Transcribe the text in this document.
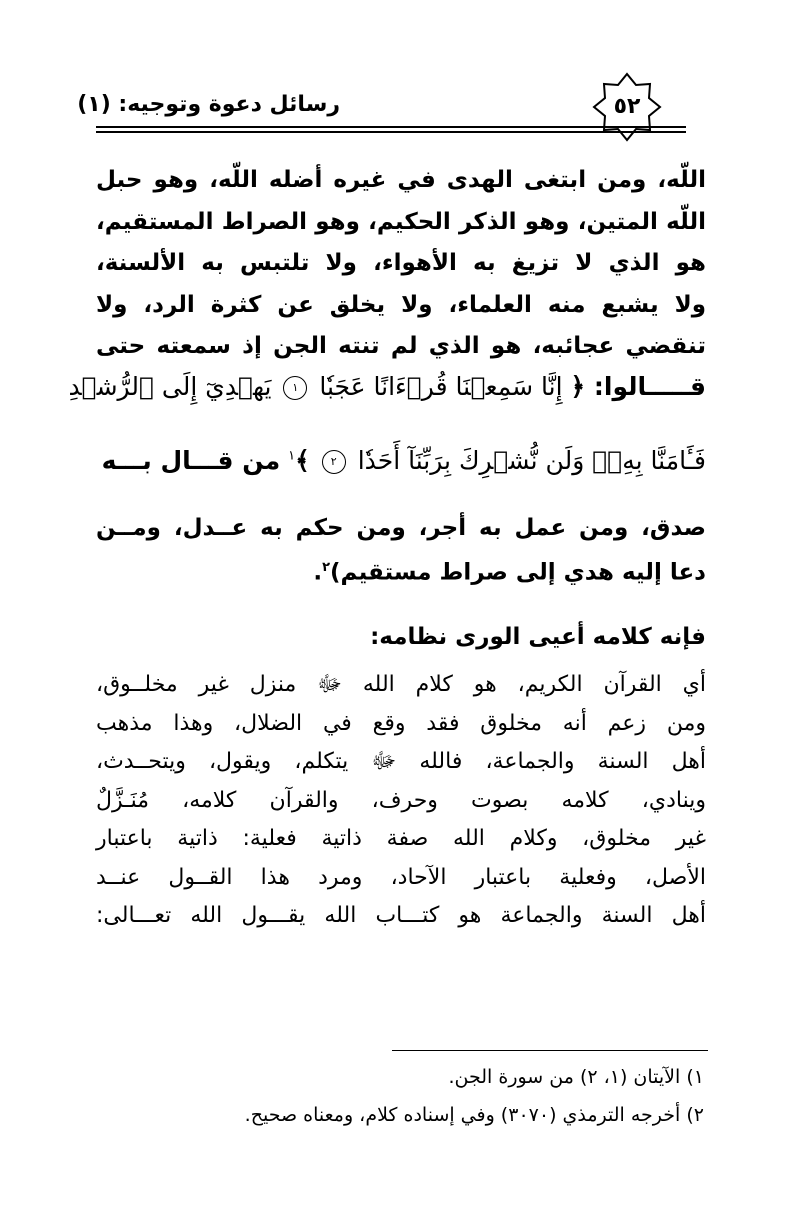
رسائل دعوة وتوجيه: (١)	٥٢
اللّه، ومن ابتغى الهدى في غيره أضله اللّه، وهو حبل
اللّه المتين، وهو الذكر الحكيم، وهو الصراط المستقيم،
هو الذي لا تزيغ به الأهواء، ولا تلتبس به الألسنة،
ولا يشبع منه العلماء، ولا يخلق عن كثرة الرد، ولا
تنقضي عجائبه، هو الذي لم تنته الجن إذ سمعته حتى
قـــــالوا: ﴿ إِنَّا سَمِعۡنَا قُرۡءَانًا عَجَبٗا ١ يَهۡدِيٓ إِلَى ٱلرُّشۡدِ
فَـَٔامَنَّا بِهِۦۖ وَلَن نُّشۡرِكَ بِرَبِّنَآ أَحَدٗا ٢ ﴾$^١$ من قـــال بـــه
صدق، ومن عمل به أجر، ومن حكم به عــدل، ومــن
دعا إليه هدي إلى صراط مستقيم)$^٢$.
فإنه كلامه أعيى الورى نظامه:
أي القرآن الكريم، هو كلام الله ﷻ منزل غير مخلــوق،
ومن زعم أنه مخلوق فقد وقع في الضلال، وهذا مذهب
أهل السنة والجماعة، فالله ﷻ يتكلم، ويقول، ويتحــدث،
وينادي، كلامه بصوت وحرف، والقرآن كلامه، مُنَـزَّلٌ
غير مخلوق، وكلام الله صفة ذاتية فعلية: ذاتية باعتبار
الأصل، وفعلية باعتبار الآحاد، ومرد هذا القــول عنــد
أهل السنة والجماعة هو كتـــاب الله يقـــول الله تعـــالى:
١) الآيتان (١، ٢) من سورة الجن.
٢) أخرجه الترمذي (٣٠٧٠) وفي إسناده كلام، ومعناه صحيح.
